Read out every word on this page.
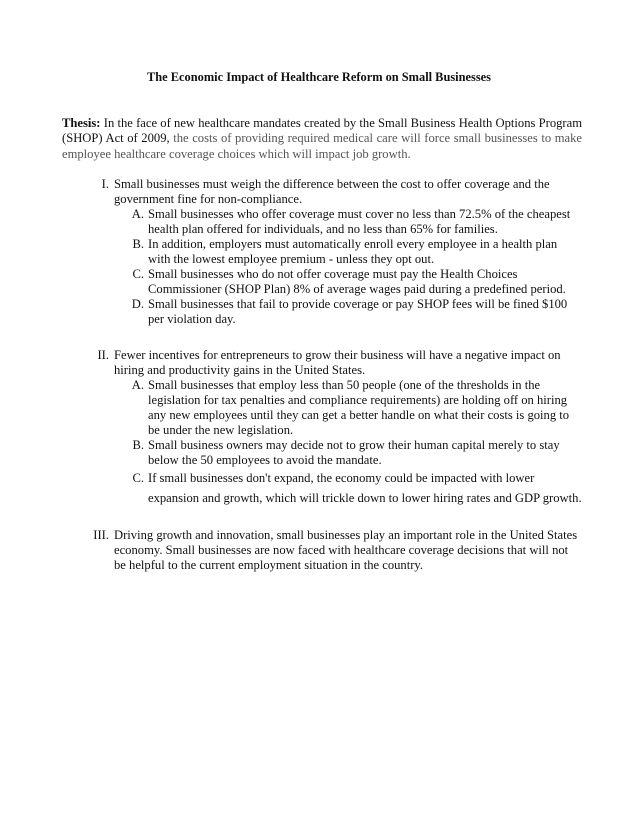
The Economic Impact of Healthcare Reform on Small Businesses
Thesis: In the face of new healthcare mandates created by the Small Business Health Options Program (SHOP) Act of 2009, the costs of providing required medical care will force small businesses to make employee healthcare coverage choices which will impact job growth.
I. Small businesses must weigh the difference between the cost to offer coverage and the government fine for non-compliance.
A. Small businesses who offer coverage must cover no less than 72.5% of the cheapest health plan offered for individuals, and no less than 65% for families.
B. In addition, employers must automatically enroll every employee in a health plan with the lowest employee premium - unless they opt out.
C. Small businesses who do not offer coverage must pay the Health Choices Commissioner (SHOP Plan) 8% of average wages paid during a predefined period.
D. Small businesses that fail to provide coverage or pay SHOP fees will be fined $100 per violation day.
II. Fewer incentives for entrepreneurs to grow their business will have a negative impact on hiring and productivity gains in the United States.
A. Small businesses that employ less than 50 people (one of the thresholds in the legislation for tax penalties and compliance requirements) are holding off on hiring any new employees until they can get a better handle on what their costs is going to be under the new legislation.
B. Small business owners may decide not to grow their human capital merely to stay below the 50 employees to avoid the mandate.
C. If small businesses don't expand, the economy could be impacted with lower expansion and growth, which will trickle down to lower hiring rates and GDP growth.
III. Driving growth and innovation, small businesses play an important role in the United States economy. Small businesses are now faced with healthcare coverage decisions that will not be helpful to the current employment situation in the country.
